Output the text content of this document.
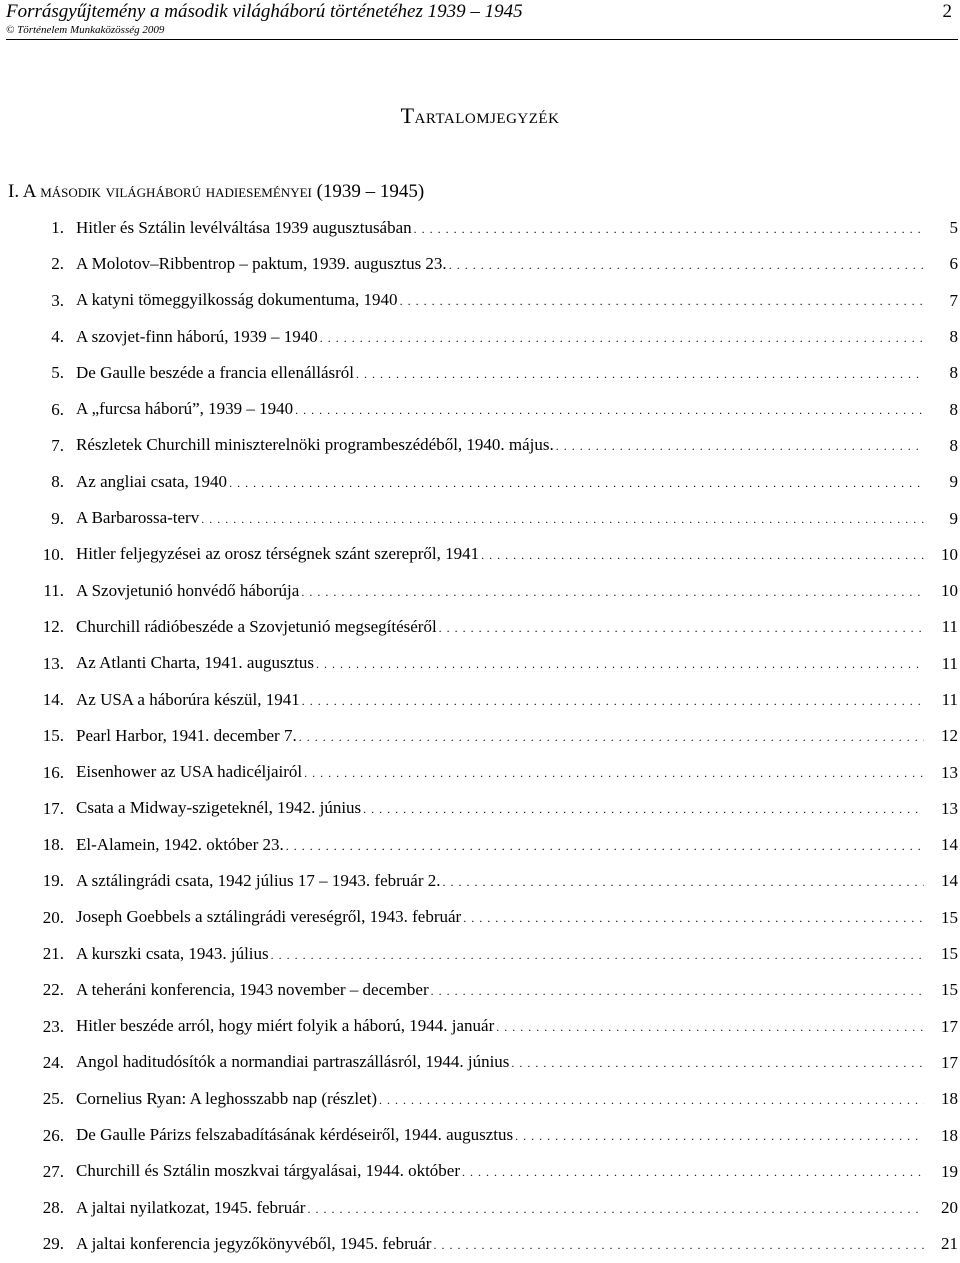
Forrásgyűjtemény a második világháború történetéhez 1939 – 1945
© Történelem Munkaközösség 2009
2
Tartalomjegyzék
I. A második világháború hadieseményei (1939 – 1945)
1. Hitler és Sztálin levélváltása 1939 augusztusában . . .	5
2. A Molotov–Ribbentrop – paktum, 1939. augusztus 23. . . .	6
3. A katyni tömeggyilkosság dokumentuma, 1940 . . .	7
4. A szovjet-finn háború, 1939 – 1940 . . .	8
5. De Gaulle beszéde a francia ellenállásról . . .	8
6. A „furcsa háború”, 1939 – 1940 . . .	8
7. Részletek Churchill miniszterelnöki programbeszédéből, 1940. május. . . .	8
8. Az angliai csata, 1940 . . .	9
9. A Barbarossa-terv . . .	9
10. Hitler feljegyzései az orosz térségnek szánt szerepről, 1941 . . .	10
11. A Szovjetunió honvédő háborúja . . .	10
12. Churchill rádióbeszéde a Szovjetunió megsegítéséről . . .	11
13. Az Atlanti Charta, 1941. augusztus . . .	11
14. Az USA a háborúra készül, 1941 . . .	11
15. Pearl Harbor, 1941. december 7. . . .	12
16. Eisenhower az USA hadicéljairól . . .	13
17. Csata a Midway-szigeteknél, 1942. június . . .	13
18. El-Alamein, 1942. október 23. . . .	14
19. A sztálingrádi csata, 1942 július 17 – 1943. február 2. . . .	14
20. Joseph Goebbels a sztálingrádi vereségről, 1943. február . . .	15
21. A kurszki csata, 1943. július . . .	15
22. A teheráni konferencia, 1943 november – december . . .	15
23. Hitler beszéde arról, hogy miért folyik a háború, 1944. január . . .	17
24. Angol haditudósítók a normandiai partraszállásról, 1944. június . . .	17
25. Cornelius Ryan: A leghosszabb nap (részlet) . . .	18
26. De Gaulle Párizs felszabadításának kérdéseiről, 1944. augusztus . . .	18
27. Churchill és Sztálin moszkvai tárgyalásai, 1944. október . . .	19
28. A jaltai nyilatkozat, 1945. február . . .	20
29. A jaltai konferencia jegyzőkönyvéből, 1945. február . . .	21
